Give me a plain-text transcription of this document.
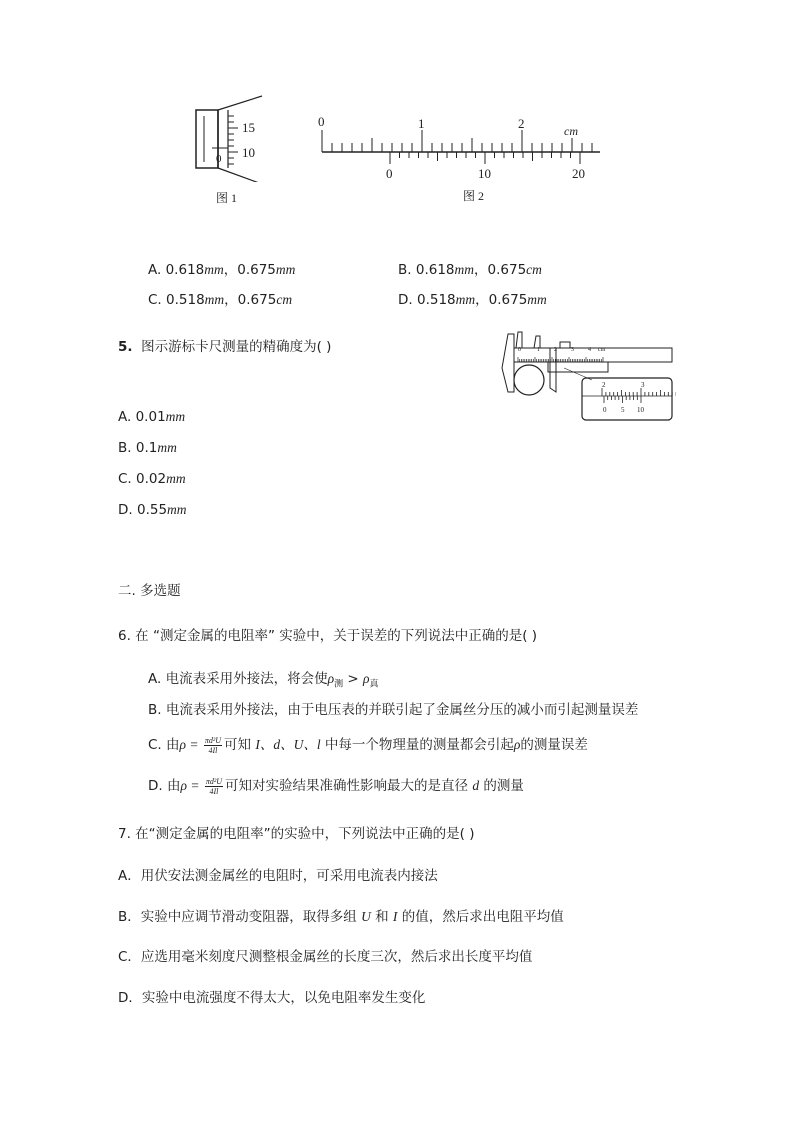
15
10
0
图 1
0	1	2	cm
0	10	20
图 2
A. 0.618mm，0.675mm	B. 0.618mm，0.675cm
C. 0.518mm，0.675cm	D. 0.518mm，0.675mm
5. 图示游标卡尺测量的精确度为( )	0	1 2 3 4 cm
2	3
0 5 10
A. 0.01mm
B. 0.1mm
C. 0.02mm
D. 0.55mm
二. 多选题
6. 在 “测定金属的电阻率” 实验中，关于误差的下列说法中正确的是( )
A. 电流表采用外接法，将会使$\rho_测 > \rho_真$
B. 电流表采用外接法，由于电压表的并联引起了金属丝分压的减小而引起测量误差
C. 由$\rho = \frac{\text{πd²U}}{4Il}$ 可知 I、d、U、l 中每一个物理量的测量都会引起ρ的测量误差
D. 由$\rho = \frac{\text{πd²U}}{4Il}$ 可知对实验结果准确性影响最大的是直径 d 的测量
7. 在“测定金属的电阻率”的实验中，下列说法中正确的是( )
A．用伏安法测金属丝的电阻时，可采用电流表内接法
B．实验中应调节滑动变阻器，取得多组 U 和 I 的值，然后求出电阻平均值
C．应选用毫米刻度尺测整根金属丝的长度三次，然后求出长度平均值
D．实验中电流强度不得太大，以免电阻率发生变化
